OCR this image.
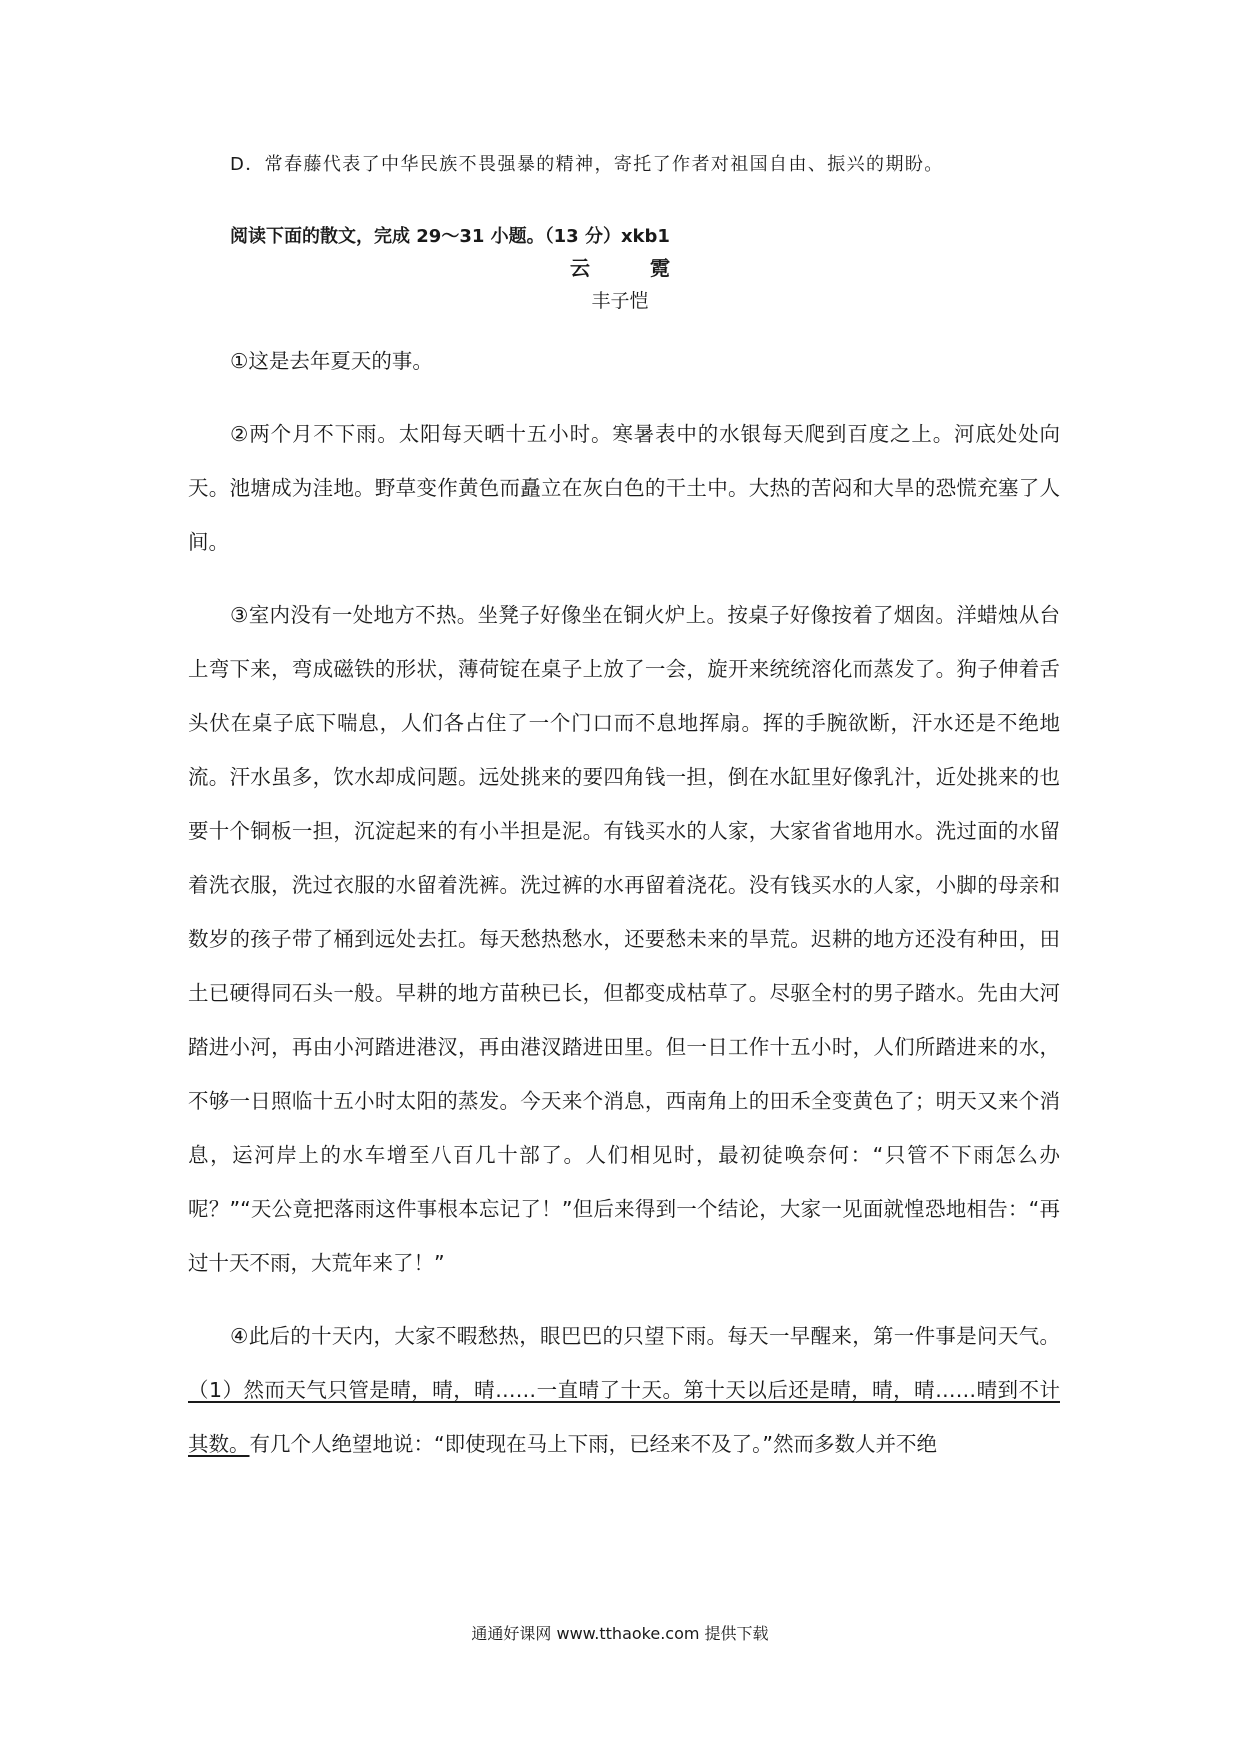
D．常春藤代表了中华民族不畏强暴的精神，寄托了作者对祖国自由、振兴的期盼。
阅读下面的散文，完成 29～31 小题。（13 分）xkb1
云霓
丰子恺

①这是去年夏天的事。

②两个月不下雨。太阳每天晒十五小时。寒暑表中的水银每天爬到百度之上。河底处处向天。池塘成为洼地。野草变作黄色而矗立在灰白色的干土中。大热的苦闷和大旱的恐慌充塞了人间。

③室内没有一处地方不热。坐凳子好像坐在铜火炉上。按桌子好像按着了烟囱。洋蜡烛从台上弯下来，弯成磁铁的形状，薄荷锭在桌子上放了一会，旋开来统统溶化而蒸发了。狗子伸着舌头伏在桌子底下喘息，人们各占住了一个门口而不息地挥扇。挥的手腕欲断，汗水还是不绝地流。汗水虽多，饮水却成问题。远处挑来的要四角钱一担，倒在水缸里好像乳汁，近处挑来的也要十个铜板一担，沉淀起来的有小半担是泥。有钱买水的人家，大家省省地用水。洗过面的水留着洗衣服，洗过衣服的水留着洗裤。洗过裤的水再留着浇花。没有钱买水的人家，小脚的母亲和数岁的孩子带了桶到远处去扛。每天愁热愁水，还要愁未来的旱荒。迟耕的地方还没有种田，田土已硬得同石头一般。早耕的地方苗秧已长，但都变成枯草了。尽驱全村的男子踏水。先由大河踏进小河，再由小河踏进港汊，再由港汊踏进田里。但一日工作十五小时，人们所踏进来的水，不够一日照临十五小时太阳的蒸发。今天来个消息，西南角上的田禾全变黄色了；明天又来个消息，运河岸上的水车增至八百几十部了。人们相见时，最初徒唤奈何：“只管不下雨怎么办呢？”“天公竟把落雨这件事根本忘记了！”但后来得到一个结论，大家一见面就惶恐地相告：“再过十天不雨，大荒年来了！”

④此后的十天内，大家不暇愁热，眼巴巴的只望下雨。每天一早醒来，第一件事是问天气。（1）然而天气只管是晴，晴，晴……一直晴了十天。第十天以后还是晴，晴，晴……晴到不计其数。有几个人绝望地说：“即使现在马上下雨，已经来不及了。”然而多数人并不绝

通通好课网 www.tthaoke.com 提供下载
